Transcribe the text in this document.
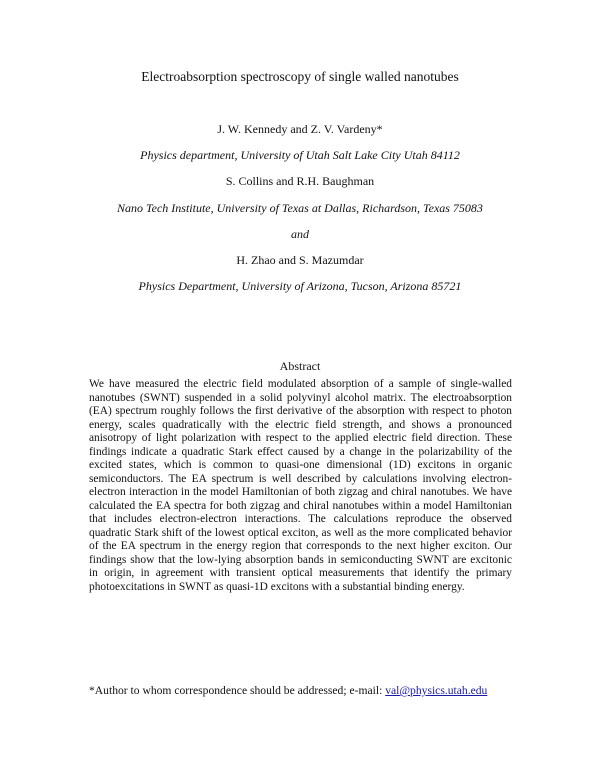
Electroabsorption spectroscopy of single walled nanotubes
J. W. Kennedy and Z. V. Vardeny*
Physics department, University of Utah Salt Lake City Utah 84112
S. Collins and R.H. Baughman
Nano Tech Institute, University of Texas at Dallas, Richardson, Texas 75083
and
H. Zhao and S. Mazumdar
Physics Department, University of Arizona, Tucson, Arizona 85721
Abstract
We have measured the electric field modulated absorption of a sample of single-walled nanotubes (SWNT) suspended in a solid polyvinyl alcohol matrix. The electroabsorption (EA) spectrum roughly follows the first derivative of the absorption with respect to photon energy, scales quadratically with the electric field strength, and shows a pronounced anisotropy of light polarization with respect to the applied electric field direction. These findings indicate a quadratic Stark effect caused by a change in the polarizability of the excited states, which is common to quasi-one dimensional (1D) excitons in organic semiconductors. The EA spectrum is well described by calculations involving electron-electron interaction in the model Hamiltonian of both zigzag and chiral nanotubes. We have calculated the EA spectra for both zigzag and chiral nanotubes within a model Hamiltonian that includes electron-electron interactions. The calculations reproduce the observed quadratic Stark shift of the lowest optical exciton, as well as the more complicated behavior of the EA spectrum in the energy region that corresponds to the next higher exciton. Our findings show that the low-lying absorption bands in semiconducting SWNT are excitonic in origin, in agreement with transient optical measurements that identify the primary photoexcitations in SWNT as quasi-1D excitons with a substantial binding energy.
*Author to whom correspondence should be addressed; e-mail: val@physics.utah.edu
